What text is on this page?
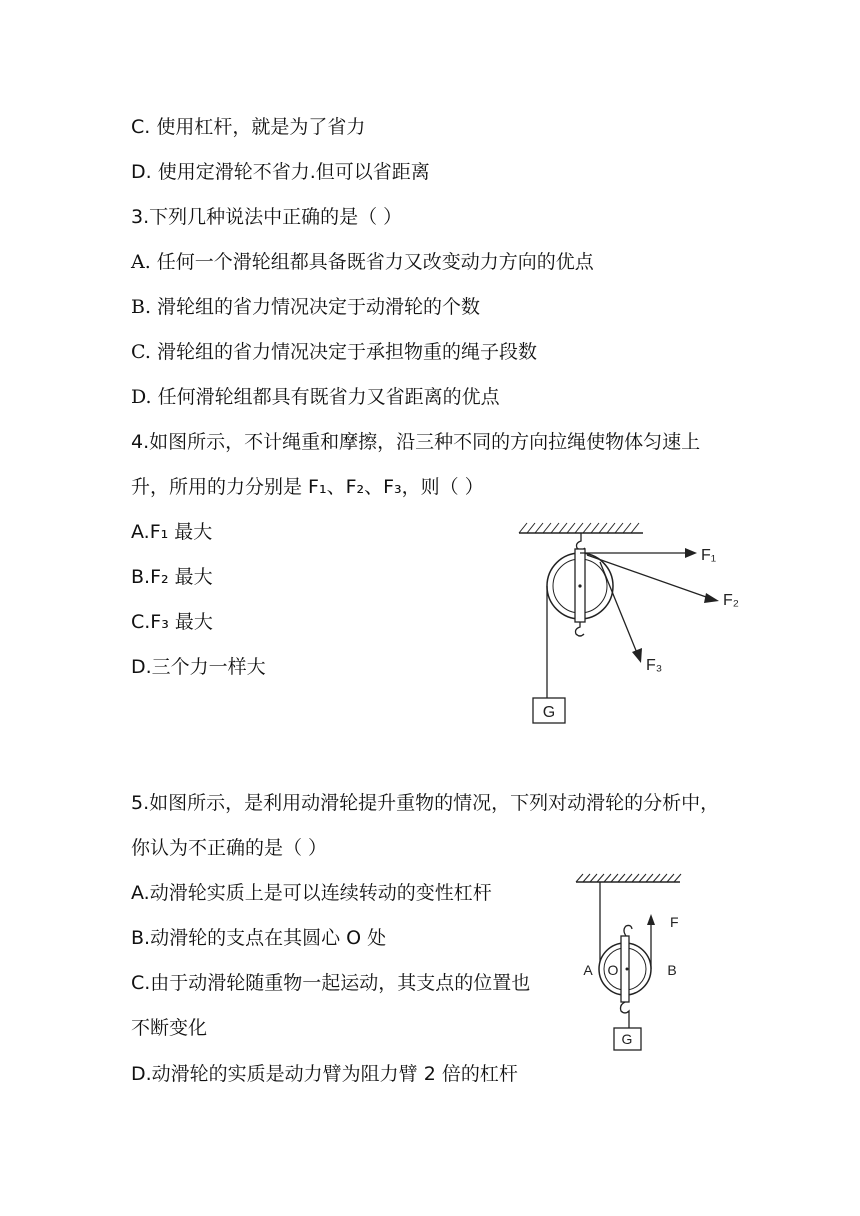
C. 使用杠杆，就是为了省力
D. 使用定滑轮不省力.但可以省距离
3.下列几种说法中正确的是（ ）
A. 任何一个滑轮组都具备既省力又改变动力方向的优点
B. 滑轮组的省力情况决定于动滑轮的个数
C. 滑轮组的省力情况决定于承担物重的绳子段数
D. 任何滑轮组都具有既省力又省距离的优点
4.如图所示，不计绳重和摩擦，沿三种不同的方向拉绳使物体匀速上
升，所用的力分别是 F₁、F₂、F₃，则（ ）
A.F₁ 最大
B.F₂ 最大
C.F₃ 最大
D.三个力一样大
G
F₁
F₂
F₃
5.如图所示，是利用动滑轮提升重物的情况，下列对动滑轮的分析中，
你认为不正确的是（ ）
A.动滑轮实质上是可以连续转动的变性杠杆
B.动滑轮的支点在其圆心 O 处
C.由于动滑轮随重物一起运动，其支点的位置也
不断变化
D.动滑轮的实质是动力臂为阻力臂 2 倍的杠杆
F
O
A	B
G
